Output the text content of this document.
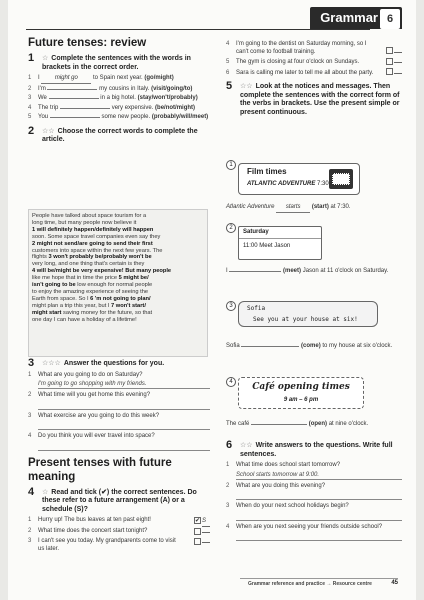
Grammar 6
Future tenses: review
1 ☆ Complete the sentences with the words in brackets in the correct order.
1 I	might go	to Spain next year. (go/might)
2 I'm	my cousins in Italy. (visit/going/to)
3 We	in a big hotel. (stay/won't/probably)
4 The trip	very expensive. (be/not/might)
5 You	some new people. (probably/will/meet)
2 ☆☆ Choose the correct words to complete the article.
People have talked about space tourism for a
long time, but many people now believe it
1 will definitely happen/definitely will happen
soon. Some space travel companies even say they
2 might not send/are going to send their first
customers into space within the next few years. The
flights 3 won't probably be/probably won't be
very long, and one thing that's certain is they
4 will be/might be very expensive! But many people
like me hope that in time the price 5 might be/
isn't going to be low enough for normal people
to enjoy the amazing experience of seeing the
Earth from space. So I 6 'm not going to plan/
might plan a trip this year, but I 7 won't start/
might start saving money for the future, so that
one day I can have a holiday of a lifetime!
3 ☆☆☆ Answer the questions for you.
1 What are you going to do on Saturday?
I'm going to go shopping with my friends.
2 What time will you get home this evening?
3 What exercise are you going to do this week?
4 Do you think you will ever travel into space?
Present tenses with future meaning
4 ☆ Read and tick (✔) the correct sentences. Do these refer to a future arrangement (A) or a schedule (S)?
1 Hurry up! The bus leaves at ten past eight!	✔ S
2 What time does the concert start tonight?
3 I can't see you today. My grandparents come to visit us later.
4 I'm going to the dentist on Saturday morning, so I can't come to football training.
5 The gym is closing at four o'clock on Sundays.
6 Sara is calling me later to tell me all about the party.
5 ☆☆ Look at the notices and messages. Then complete the sentences with the correct form of the verbs in brackets. Use the present simple or present continuous.
1
Film times
ATLANTIC ADVENTURE 7:30
Atlantic Adventure starts (start) at 7:30.
2
Saturday
11:00 Meet Jason
I	(meet) Jason at 11 o'clock on Saturday.
3	Sofia
See you at your house at six!
Sofia	(come) to my house at six o'clock.
4	Café opening times
9 am – 6 pm
The café	(open) at nine o'clock.
6 ☆☆ Write answers to the questions. Write full sentences.
1 What time does school start tomorrow?
School starts tomorrow at 9:00.
2 What are you doing this evening?
3 When do your next school holidays begin?
4 When are you next seeing your friends outside school?
Grammar reference and practice → Resource centre	45
